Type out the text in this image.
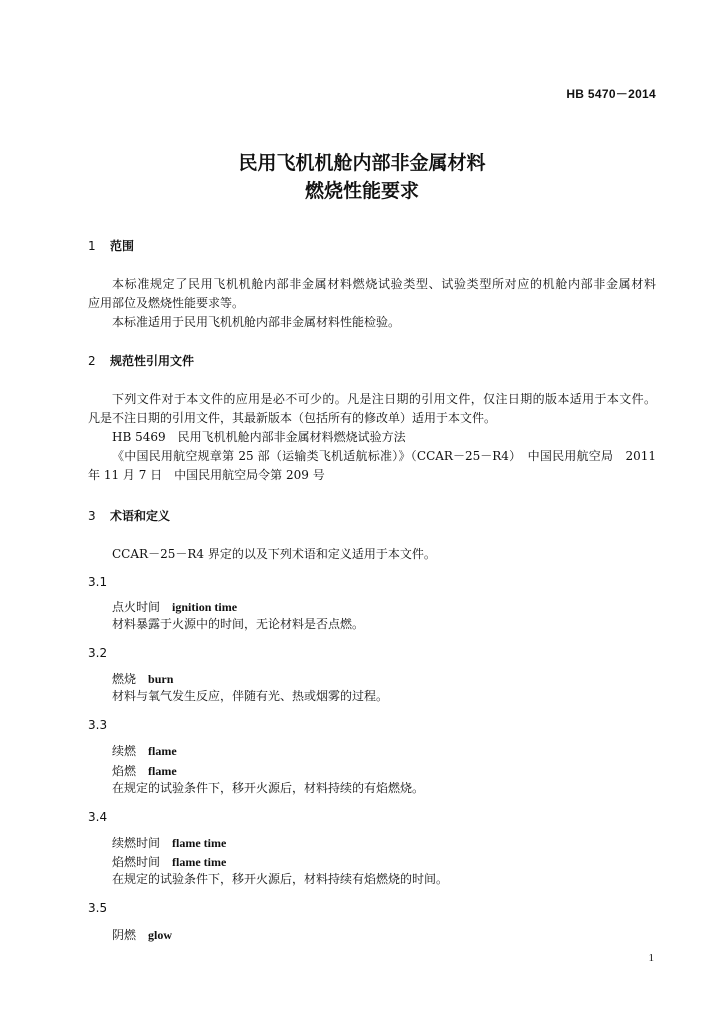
HB 5470－2014
民用飞机机舱内部非金属材料
燃烧性能要求
1 范围
本标准规定了民用飞机机舱内部非金属材料燃烧试验类型、试验类型所对应的机舱内部非金属材料
应用部位及燃烧性能要求等。
本标准适用于民用飞机机舱内部非金属材料性能检验。
2 规范性引用文件
下列文件对于本文件的应用是必不可少的。凡是注日期的引用文件，仅注日期的版本适用于本文件。
凡是不注日期的引用文件，其最新版本（包括所有的修改单）适用于本文件。
HB 5469　民用飞机机舱内部非金属材料燃烧试验方法
《中国民用航空规章第 25 部（运输类飞机适航标准）》（CCAR－25－R4）　中国民用航空局　2011
年 11 月 7 日　中国民用航空局令第 209 号
3 术语和定义
CCAR－25－R4 界定的以及下列术语和定义适用于本文件。
3.1
点火时间 ignition time
材料暴露于火源中的时间，无论材料是否点燃。
3.2
燃烧 burn
材料与氧气发生反应，伴随有光、热或烟雾的过程。
3.3
续燃 flame
焰燃 flame
在规定的试验条件下，移开火源后，材料持续的有焰燃烧。
3.4
续燃时间 flame time
焰燃时间 flame time
在规定的试验条件下，移开火源后，材料持续有焰燃烧的时间。
3.5
阴燃 glow
1
